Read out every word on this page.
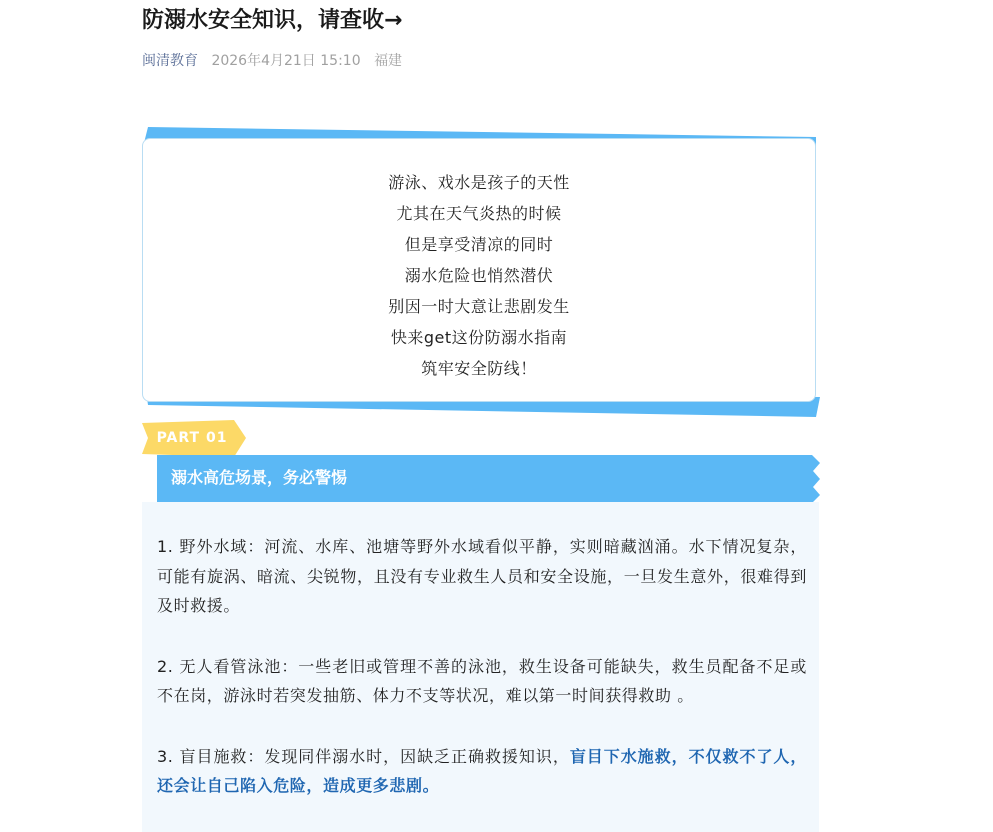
防溺水安全知识，请查收→
闽清教育 2026年4月21日 15:10 福建
游泳、戏水是孩子的天性
尤其在天气炎热的时候
但是享受清凉的同时
溺水危险也悄然潜伏
别因一时大意让悲剧发生
快来get这份防溺水指南
筑牢安全防线！
PART 01
溺水高危场景，务必警惕

1. 野外水域：河流、水库、池塘等野外水域看似平静，实则暗藏汹涌。水下情况复杂，可能有旋涡、暗流、尖锐物，且没有专业救生人员和安全设施，一旦发生意外，很难得到及时救援。

2. 无人看管泳池：一些老旧或管理不善的泳池，救生设备可能缺失，救生员配备不足或不在岗，游泳时若突发抽筋、体力不支等状况，难以第一时间获得救助 。

3. 盲目施救：发现同伴溺水时，因缺乏正确救援知识，盲目下水施救，不仅救不了人，还会让自己陷入危险，造成更多悲剧。
